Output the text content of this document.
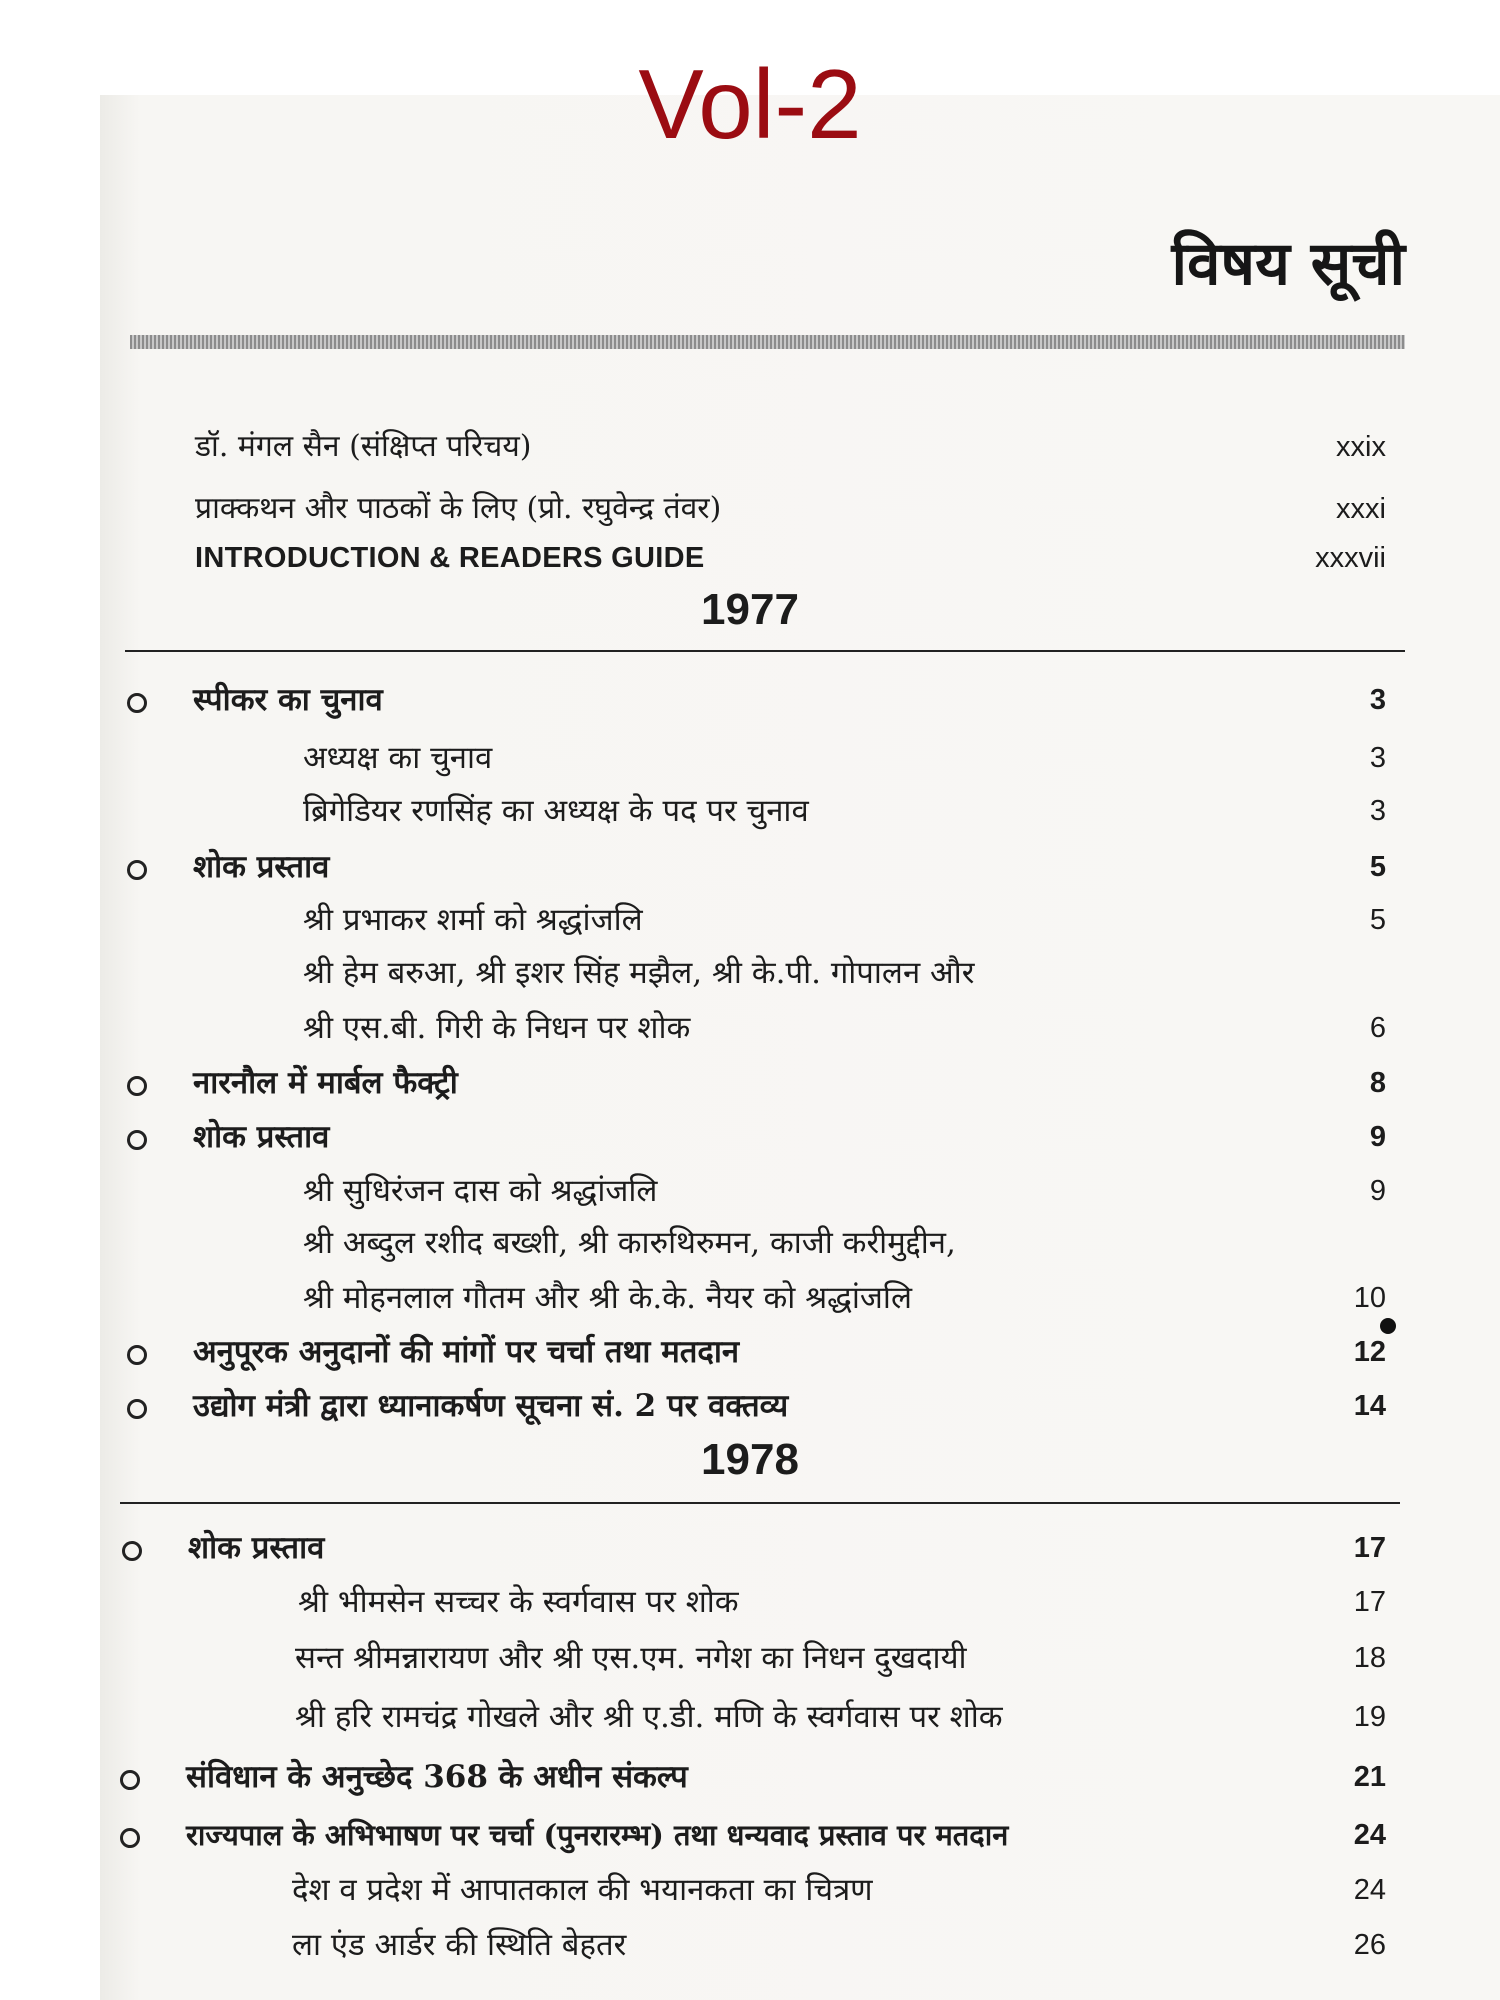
Vol-2
विषय सूची
डॉ. मंगल सैन (संक्षिप्त परिचय)	xxix
प्राक्कथन और पाठकों के लिए (प्रो. रघुवेन्द्र तंवर)	xxxi
INTRODUCTION & READERS GUIDE	xxxvii
1977
स्पीकर का चुनाव	3
अध्यक्ष का चुनाव	3
ब्रिगेडियर रणसिंह का अध्यक्ष के पद पर चुनाव	3
शोक प्रस्ताव	5
श्री प्रभाकर शर्मा को श्रद्धांजलि	5
श्री हेम बरुआ, श्री इशर सिंह मझैल, श्री के.पी. गोपालन और
श्री एस.बी. गिरी के निधन पर शोक	6
नारनौल में मार्बल फैक्ट्री	8
शोक प्रस्ताव	9
श्री सुधिरंजन दास को श्रद्धांजलि	9
श्री अब्दुल रशीद बख्शी, श्री कारुथिरुमन, काजी करीमुद्दीन,
श्री मोहनलाल गौतम और श्री के.के. नैयर को श्रद्धांजलि	10
अनुपूरक अनुदानों की मांगों पर चर्चा तथा मतदान	12
उद्योग मंत्री द्वारा ध्यानाकर्षण सूचना सं. 2 पर वक्तव्य	14
1978
शोक प्रस्ताव	17
श्री भीमसेन सच्चर के स्वर्गवास पर शोक	17
सन्त श्रीमन्नारायण और श्री एस.एम. नगेश का निधन दुखदायी	18
श्री हरि रामचंद्र गोखले और श्री ए.डी. मणि के स्वर्गवास पर शोक	19
संविधान के अनुच्छेद 368 के अधीन संकल्प	21
राज्यपाल के अभिभाषण पर चर्चा (पुनरारम्भ) तथा धन्यवाद प्रस्ताव पर मतदान	24
देश व प्रदेश में आपातकाल की भयानकता का चित्रण	24
ला एंड आर्डर की स्थिति बेहतर	26
